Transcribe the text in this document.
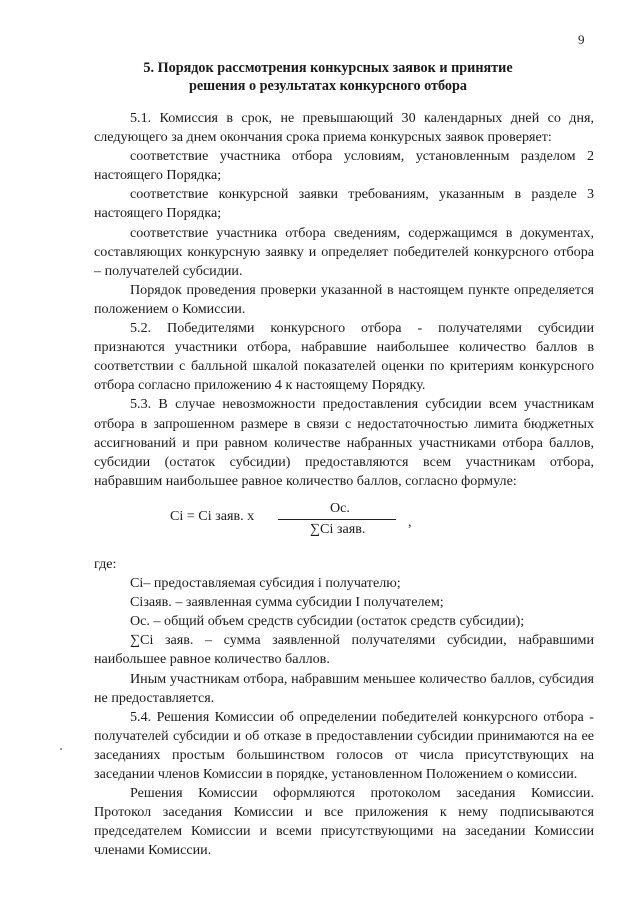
9
5. Порядок рассмотрения конкурсных заявок и принятие
решения о результатах конкурсного отбора

5.1. Комиссия в срок, не превышающий 30 календарных дней со дня, следующего за днем окончания срока приема конкурсных заявок проверяет:

соответствие участника отбора условиям, установленным разделом 2 настоящего Порядка;

соответствие конкурсной заявки требованиям, указанным в разделе 3 настоящего Порядка;

соответствие участника отбора сведениям, содержащимся в документах, составляющих конкурсную заявку и определяет победителей конкурсного отбора – получателей субсидии.

Порядок проведения проверки указанной в настоящем пункте определяется положением о Комиссии.

5.2. Победителями конкурсного отбора - получателями субсидии признаются участники отбора, набравшие наибольшее количество баллов в соответствии с балльной шкалой показателей оценки по критериям конкурсного отбора согласно приложению 4 к настоящему Порядку.

5.3. В случае невозможности предоставления субсидии всем участникам отбора в запрошенном размере в связи с недостаточностью лимита бюджетных ассигнований и при равном количестве набранных участниками отбора баллов, субсидии (остаток субсидии) предоставляются всем участникам отбора, набравшим наибольшее равное количество баллов, согласно формуле:

Ci = Ci заяв. x	Ос.
∑Ci заяв.	,

где:

Ci– предоставляемая субсидия i получателю;

Ciзаяв. – заявленная сумма субсидии I получателем;

Ос. – общий объем средств субсидии (остаток средств субсидии);

∑Ci заяв. – сумма заявленной получателями субсидии, набравшими наибольшее равное количество баллов.

Иным участникам отбора, набравшим меньшее количество баллов, субсидия не предоставляется.

5.4. Решения Комиссии об определении победителей конкурсного отбора - получателей субсидии и об отказе в предоставлении субсидии принимаются на ее заседаниях простым большинством голосов от числа присутствующих на заседании членов Комиссии в порядке, установленном Положением о комиссии.

Решения Комиссии оформляются протоколом заседания Комиссии. Протокол заседания Комиссии и все приложения к нему подписываются председателем Комиссии и всеми присутствующими на заседании Комиссии членами Комиссии.
